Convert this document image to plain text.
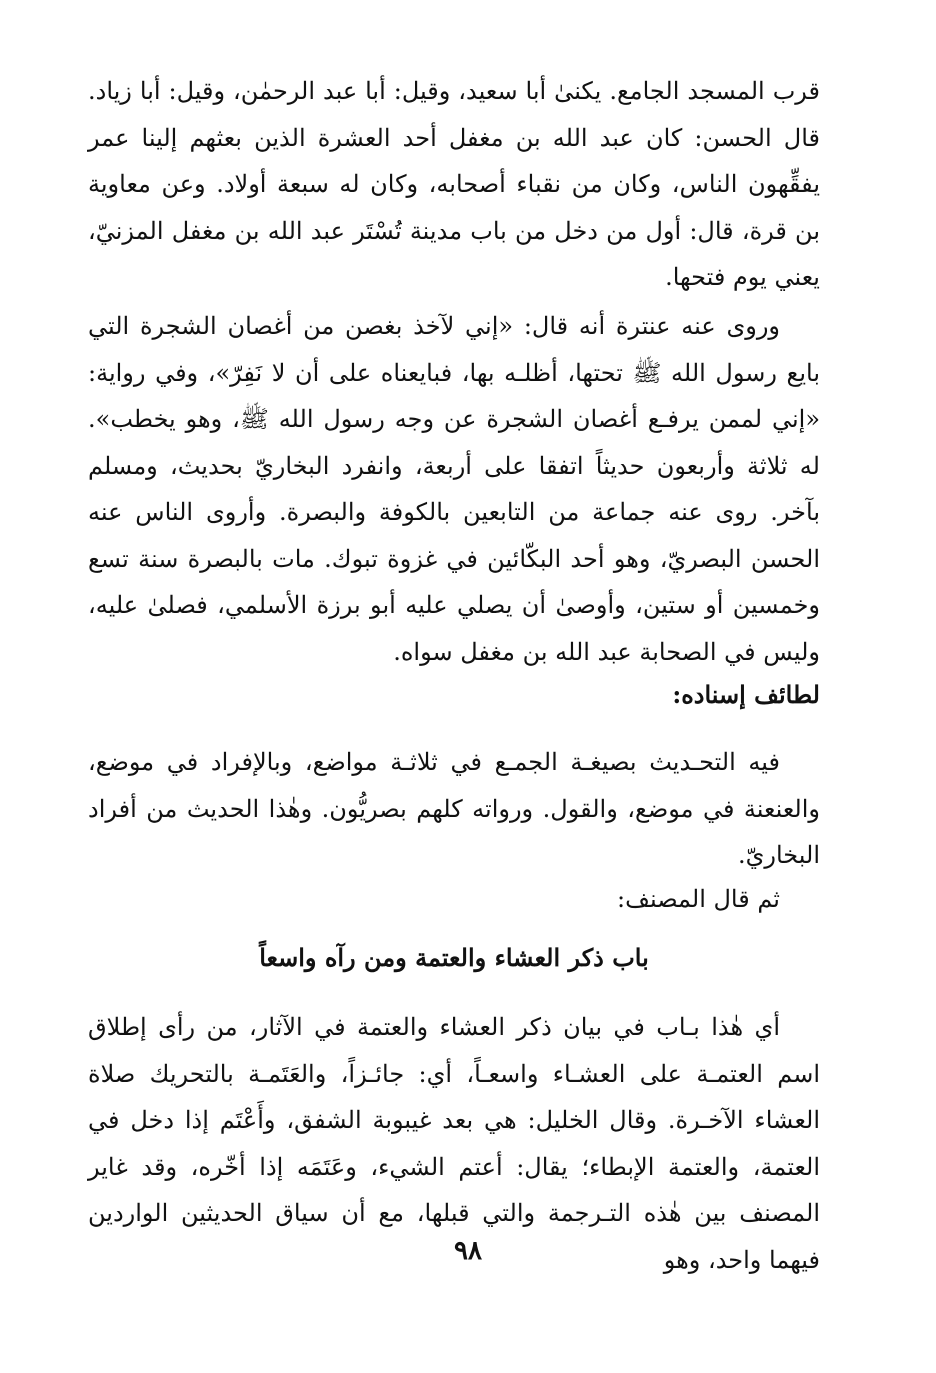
قرب المسجد الجامع. يكنىٰ أبا سعيد، وقيل: أبا عبد الرحمٰن، وقيل: أبا زياد. قال الحسن: كان عبد الله بن مغفل أحد العشرة الذين بعثهم إلينا عمر يفقِّهون الناس، وكان من نقباء أصحابه، وكان له سبعة أولاد. وعن معاوية بن قرة، قال: أول من دخل من باب مدينة تُسْتَر عبد الله بن مغفل المزنيّ، يعني يوم فتحها.

وروى عنه عنترة أنه قال: «إني لآخذ بغصن من أغصان الشجرة التي بايع رسول الله ﷺ تحتها، أظلـه بها، فبايعناه على أن لا نَفِرّ»، وفي رواية: «إني لممن يرفـع أغصان الشجرة عن وجه رسول الله ﷺ، وهو يخطب». له ثلاثة وأربعون حديثاً اتفقا على أربعة، وانفرد البخاريّ بحديث، ومسلم بآخر. روى عنه جماعة من التابعين بالكوفة والبصرة. وأروى الناس عنه الحسن البصريّ، وهو أحد البكّائين في غزوة تبوك. مات بالبصرة سنة تسع وخمسين أو ستين، وأوصىٰ أن يصلي عليه أبو برزة الأسلمي، فصلىٰ عليه، وليس في الصحابة عبد الله بن مغفل سواه.

لطائف إسناده:

فيه التحـديث بصيغـة الجمـع في ثلاثـة مواضع، وبالإفراد في موضع، والعنعنة في موضع، والقول. ورواته كلهم بصريُّون. وهٰذا الحديث من أفراد البخاريّ.

ثم قال المصنف:
باب ذكر العشاء والعتمة ومن رآه واسعاً

أي هٰذا بـاب في بيان ذكر العشاء والعتمة في الآثار، من رأى إطلاق اسم العتمـة على العشـاء واسعـاً، أي: جائـزاً، والعَتَمـة بالتحريك صلاة العشاء الآخـرة. وقال الخليل: هي بعد غيبوبة الشفق، وأَعْتَم إذا دخل في العتمة، والعتمة الإبطاء؛ يقال: أعتم الشيء، وعَتَمَه إذا أخّره، وقد غاير المصنف بين هٰذه التـرجمة والتي قبلها، مع أن سياق الحديثين الواردين فيهما واحد، وهو

٩٨
